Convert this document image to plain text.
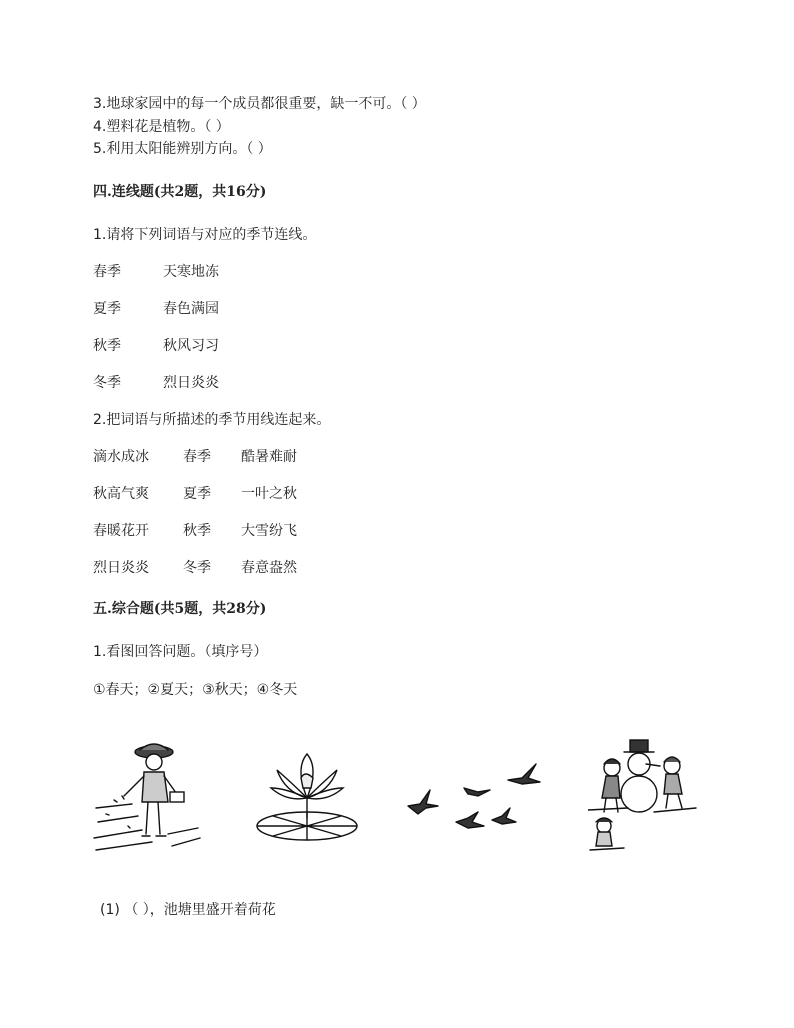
3.地球家园中的每一个成员都很重要，缺一不可。（ ）
4.塑料花是植物。（ ）
5.利用太阳能辨别方向。（ ）
四.连线题(共2题，共16分)
1.请将下列词语与对应的季节连线。
春季	天寒地冻
夏季	春色满园
秋季	秋风习习
冬季	烈日炎炎
2.把词语与所描述的季节用线连起来。
滴水成冰 春季 酷暑难耐
秋高气爽 夏季 一叶之秋
春暖花开 秋季 大雪纷飞
烈日炎炎 冬季 春意盎然
五.综合题(共5题，共28分)
1.看图回答问题。（填序号）
①春天；②夏天；③秋天；④冬天
(1) （ ），池塘里盛开着荷花
